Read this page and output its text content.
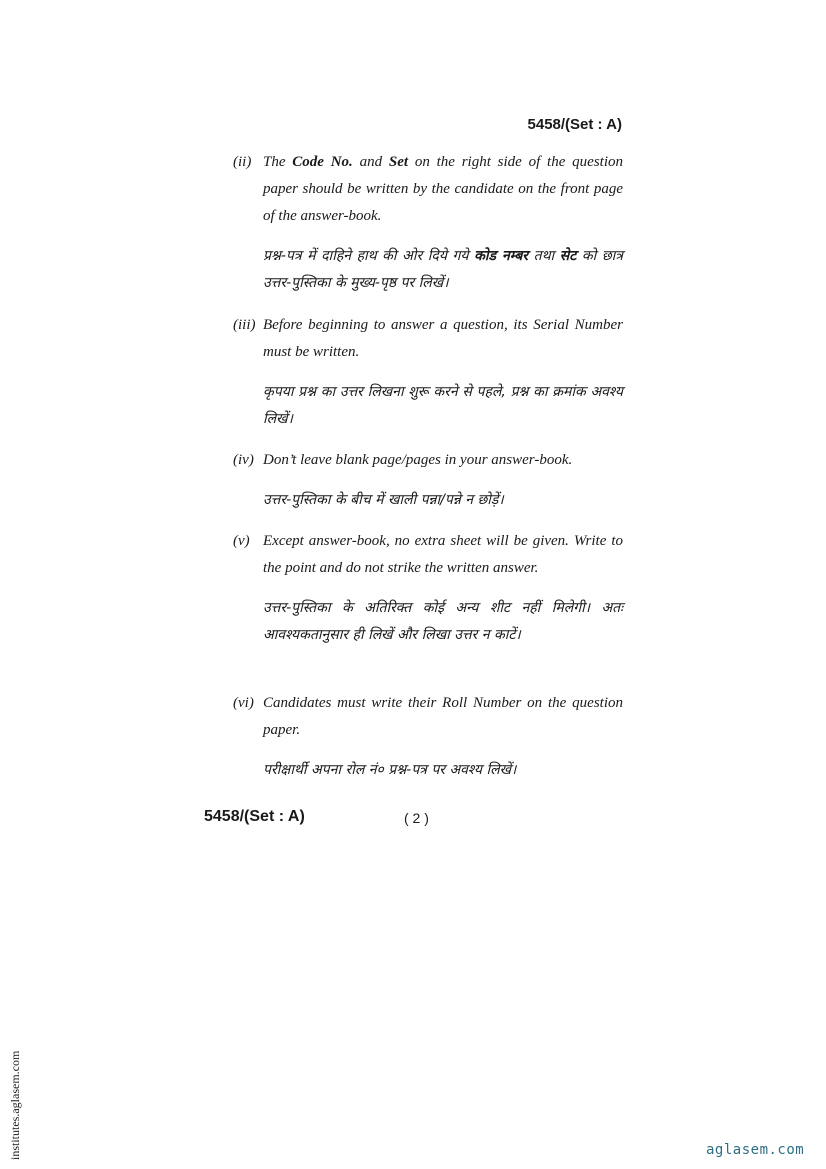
5458/(Set : A)
(ii) The Code No. and Set on the right side of the question paper should be written by the candidate on the front page of the answer-book.
प्रश्न-पत्र में दाहिने हाथ की ओर दिये गये कोड नम्बर तथा सेट को छात्र उत्तर-पुस्तिका के मुख्य-पृष्ठ पर लिखें।
(iii) Before beginning to answer a question, its Serial Number must be written.
कृपया प्रश्न का उत्तर लिखना शुरू करने से पहले, प्रश्न का क्रमांक अवश्य लिखें।
(iv) Don’t leave blank page/pages in your answer-book.
उत्तर-पुस्तिका के बीच में खाली पन्ना/पन्ने न छोड़ें।
(v) Except answer-book, no extra sheet will be given. Write to the point and do not strike the written answer.
उत्तर-पुस्तिका के अतिरिक्त कोई अन्य शीट नहीं मिलेगी। अतः आवश्यकतानुसार ही लिखें और लिखा उत्तर न काटें।
(vi) Candidates must write their Roll Number on the question paper.
परीक्षार्थी अपना रोल नं० प्रश्न-पत्र पर अवश्य लिखें।
5458/(Set : A)	( 2 )
institutes.aglasem.com	aglasem.com
